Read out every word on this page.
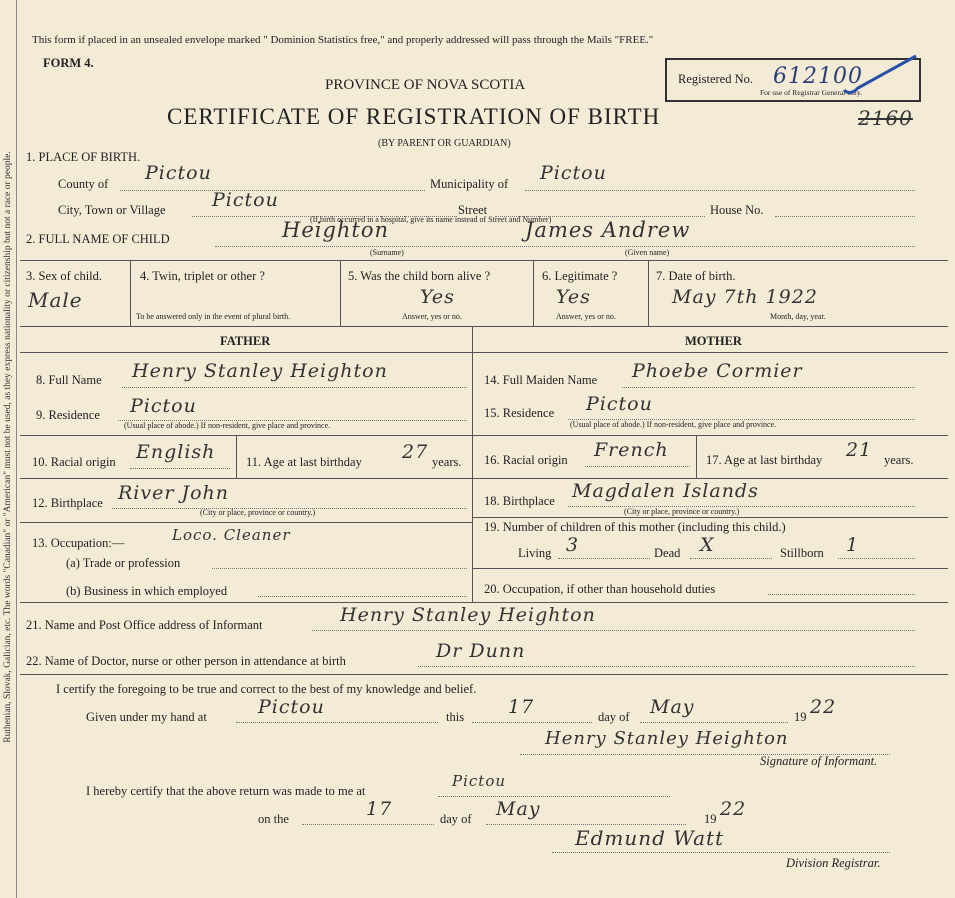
Ruthenian, Slovak, Galician, etc. The words "Canadian" or "American" must not be used, as they express nationality or citizenship but not a race or people.
This form if placed in an unsealed envelope marked " Dominion Statistics free," and properly addressed will pass through the Mails "FREE."
FORM 4.
PROVINCE OF NOVA SCOTIA
CERTIFICATE OF REGISTRATION OF BIRTH
(BY PARENT OR GUARDIAN)
Registered No. 612100
For use of Registrar General only.
2160
1. PLACE OF BIRTH.
County of Pictou	Municipality of Pictou
City, Town or Village Pictou	Street	House No.
(If birth occurred in a hospital, give its name instead of Street and Number)
2. FULL NAME OF CHILD	Heighton	James Andrew
(Surname)	(Given name)
3. Sex of child.
Male
4. Twin, triplet or other ?
To be answered only in the event of plural birth.
5. Was the child born alive ?
Yes
Answer, yes or no.
6. Legitimate ?
Yes
Answer, yes or no.
7. Date of birth.
May 7th 1922
Month, day, year.
FATHER	MOTHER
8. Full Name Henry Stanley Heighton
9. Residence Pictou
(Usual place of abode.) If non-resident, give place and province.
10. Racial origin English 11. Age at last birthday 27 years.
12. Birthplace River John
(City or place, province or country.)
13. Occupation:—	Loco. Cleaner
(a) Trade or profession
(b) Business in which employed
14. Full Maiden Name Phoebe Cormier
15. Residence Pictou
(Usual place of abode.) If non-resident, give place and province.
16. Racial origin French	17. Age at last birthday 21 years.
18. Birthplace Magdalen Islands
(City or place, province or country.)
19. Number of children of this mother (including this child.)
Living 3	Dead X	Stillborn 1
20. Occupation, if other than household duties
21. Name and Post Office address of Informant	Henry Stanley Heighton
22. Name of Doctor, nurse or other person in attendance at birth	Dr Dunn
I certify the foregoing to be true and correct to the best of my knowledge and belief.
Given under my hand at	Pictou	this 17	day of May	19 22
Henry Stanley Heighton
Signature of Informant.
I hereby certify that the above return was made to me at
Pictou
on the	17	day of May	19 22
Edmund Watt
Division Registrar.
